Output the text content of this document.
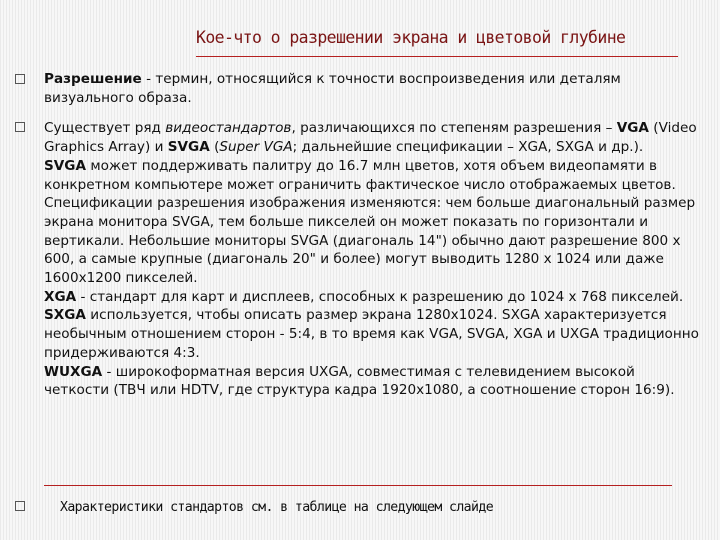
Кое-что о разрешении экрана и цветовой глубине

Разрешение - термин, относящийся к точности воспроизведения или деталям визуального образа.

Существует ряд видеостандартов, различающихся по степеням разрешения – VGA (Video Graphics Array) и SVGA (Super VGA; дальнейшие спецификации – XGA, SXGA и др.).

SVGA может поддерживать палитру до 16.7 млн цветов, хотя объем видеопамяти в конкретном компьютере может ограничить фактическое число отображаемых цветов. Спецификации разрешения изображения изменяются: чем больше диагональный размер экрана монитора SVGA, тем больше пикселей он может показать по горизонтали и вертикали. Небольшие мониторы SVGA (диагональ 14") обычно дают разрешение 800 x 600, а самые крупные (диагональ 20" и более) могут выводить 1280 x 1024 или даже 1600x1200 пикселей.

XGA - стандарт для карт и дисплеев, способных к разрешению до 1024 x 768 пикселей.

SXGA используется, чтобы описать размер экрана 1280x1024. SXGA характеризуется необычным отношением сторон - 5:4, в то время как VGA, SVGA, XGA и UXGA традиционно придерживаются 4:3.

WUXGA - широкоформатная версия UXGA, совместимая с телевидением высокой четкости (ТВЧ или HDTV, где структура кадра 1920x1080, а соотношение сторон 16:9).

Характеристики стандартов см. в таблице на следующем слайде
